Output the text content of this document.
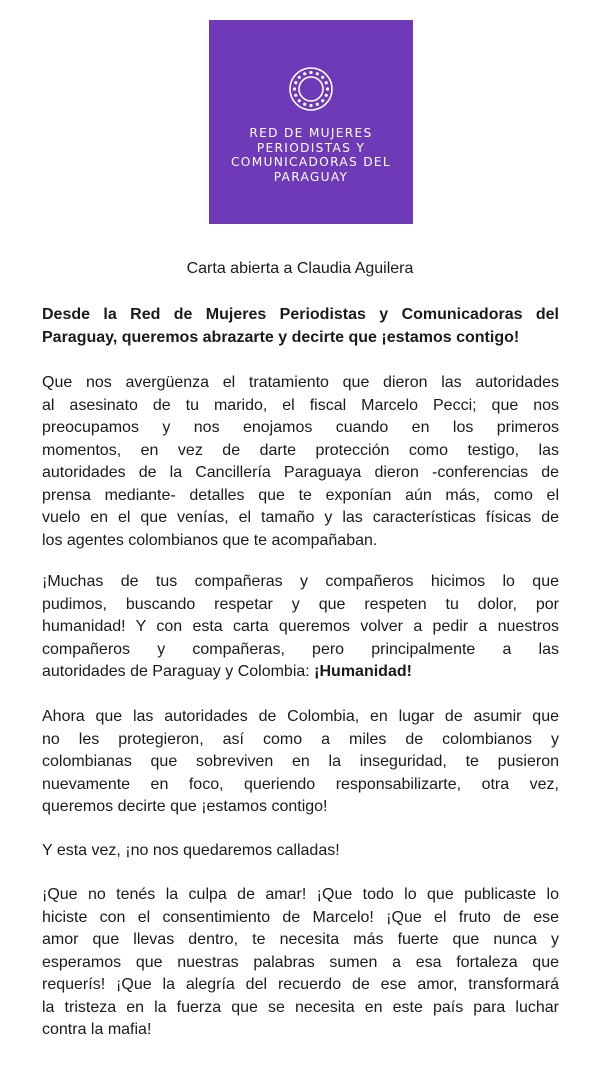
RED DE MUJERES
PERIODISTAS Y
COMUNICADORAS DEL
PARAGUAY
Carta abierta a Claudia Aguilera
Desde la Red de Mujeres Periodistas y Comunicadoras del
Paraguay, queremos abrazarte y decirte que ¡estamos contigo!
Que nos avergüenza el tratamiento que dieron las autoridades
al asesinato de tu marido, el fiscal Marcelo Pecci; que nos
preocupamos y nos enojamos cuando en los primeros
momentos, en vez de darte protección como testigo, las
autoridades de la Cancillería Paraguaya dieron -conferencias de
prensa mediante- detalles que te exponían aún más, como el
vuelo en el que venías, el tamaño y las características físicas de
los agentes colombianos que te acompañaban.
¡Muchas de tus compañeras y compañeros hicimos lo que
pudimos, buscando respetar y que respeten tu dolor, por
humanidad! Y con esta carta queremos volver a pedir a nuestros
compañeros y compañeras, pero principalmente a las
autoridades de Paraguay y Colombia: ¡Humanidad!
Ahora que las autoridades de Colombia, en lugar de asumir que
no les protegieron, así como a miles de colombianos y
colombianas que sobreviven en la inseguridad, te pusieron
nuevamente en foco, queriendo responsabilizarte, otra vez,
queremos decirte que ¡estamos contigo!
Y esta vez, ¡no nos quedaremos calladas!
¡Que no tenés la culpa de amar! ¡Que todo lo que publicaste lo
hiciste con el consentimiento de Marcelo! ¡Que el fruto de ese
amor que llevas dentro, te necesita más fuerte que nunca y
esperamos que nuestras palabras sumen a esa fortaleza que
requerís! ¡Que la alegría del recuerdo de ese amor, transformará
la tristeza en la fuerza que se necesita en este país para luchar
contra la mafia!
